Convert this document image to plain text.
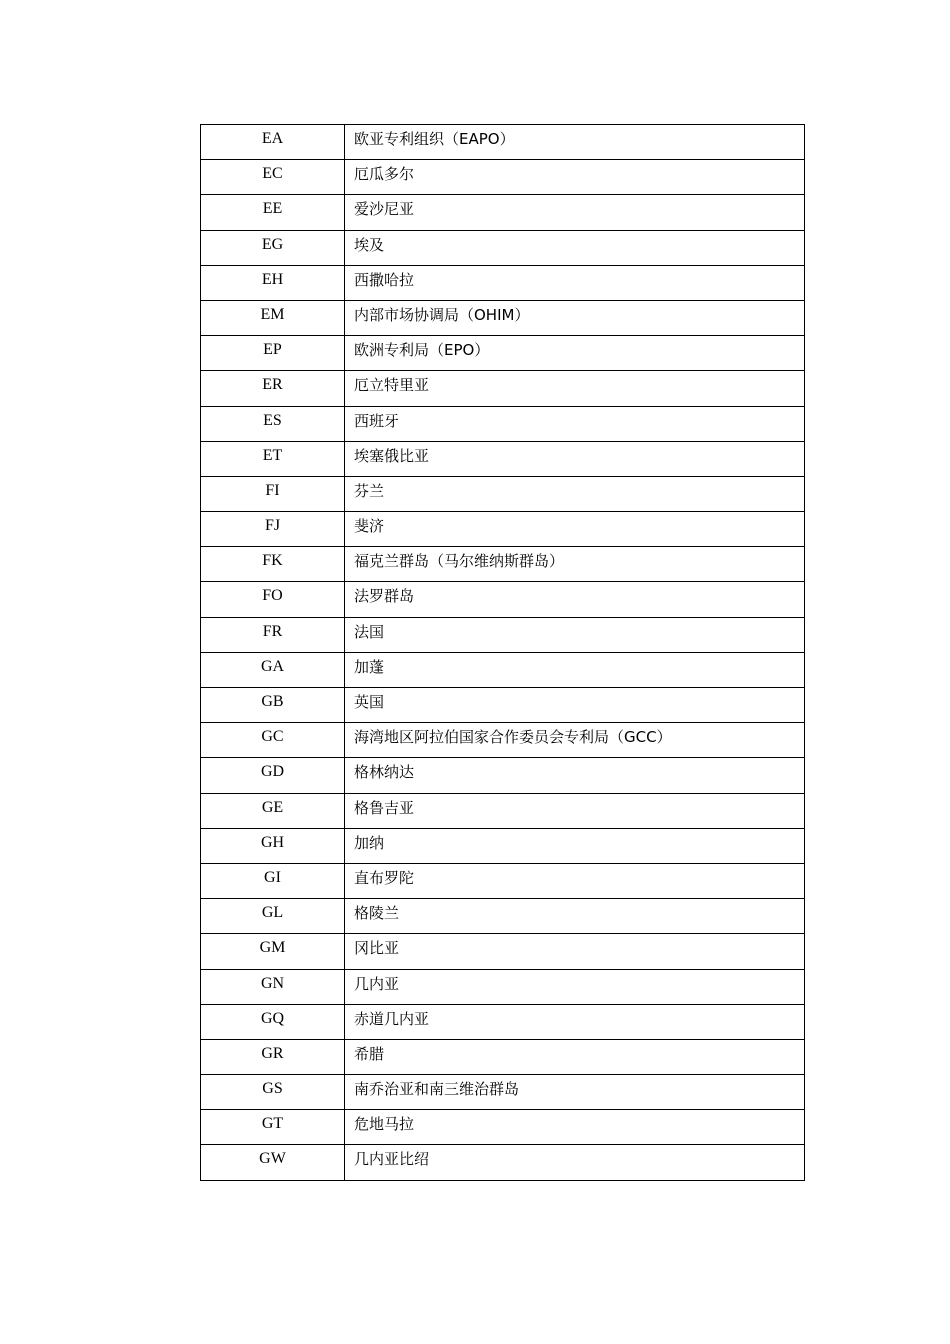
EA	欧亚专利组织（EAPO）
EC	厄瓜多尔
EE	爱沙尼亚
EG	埃及
EH	西撒哈拉
EM	内部市场协调局（OHIM）
EP	欧洲专利局（EPO）
ER	厄立特里亚
ES	西班牙
ET	埃塞俄比亚
FI	芬兰
FJ	斐济
FK	福克兰群岛（马尔维纳斯群岛）
FO	法罗群岛
FR	法国
GA	加蓬
GB	英国
GC	海湾地区阿拉伯国家合作委员会专利局（GCC）
GD	格林纳达
GE	格鲁吉亚
GH	加纳
GI	直布罗陀
GL	格陵兰
GM	冈比亚
GN	几内亚
GQ	赤道几内亚
GR	希腊
GS	南乔治亚和南三维治群岛
GT	危地马拉
GW	几内亚比绍
